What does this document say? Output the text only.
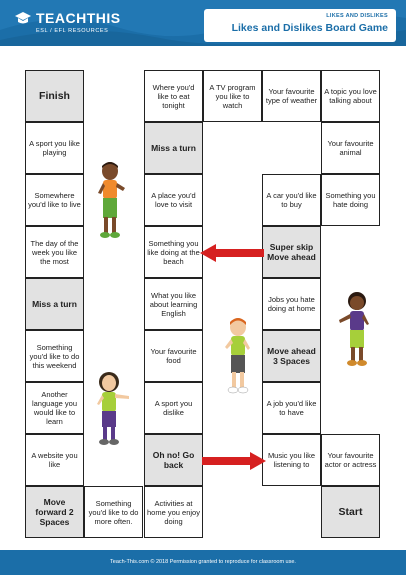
TEACHTHIS
ESL / EFL RESOURCES
LIKES AND DISLIKES
Likes and Dislikes Board Game
Finish
A sport you like playing
Somewhere you'd like to live
The day of the week you like the most
Miss a turn
Something you'd like to do this weekend
Another language you would like to learn
A website you like
Move forward 2 Spaces
Something you'd like to do more often.
Where you'd like to eat tonight
Miss a turn
A place you'd love to visit
Something you like doing at the beach
What you like about learning English
Your favourite food
A sport you dislike
Oh no! Go back
Activities at home you enjoy doing
A TV program you like to watch
Your favourite type of weather
A car you'd like to buy
Super skip Move ahead
Jobs you hate doing at home
Move ahead 3 Spaces
A job you'd like to have
Music you like listening to
A topic you love talking about
Your favourite animal
Something you hate doing
Your favourite actor or actress
Start
Teach-This.com © 2018 Permission granted to reproduce for classroom use.
